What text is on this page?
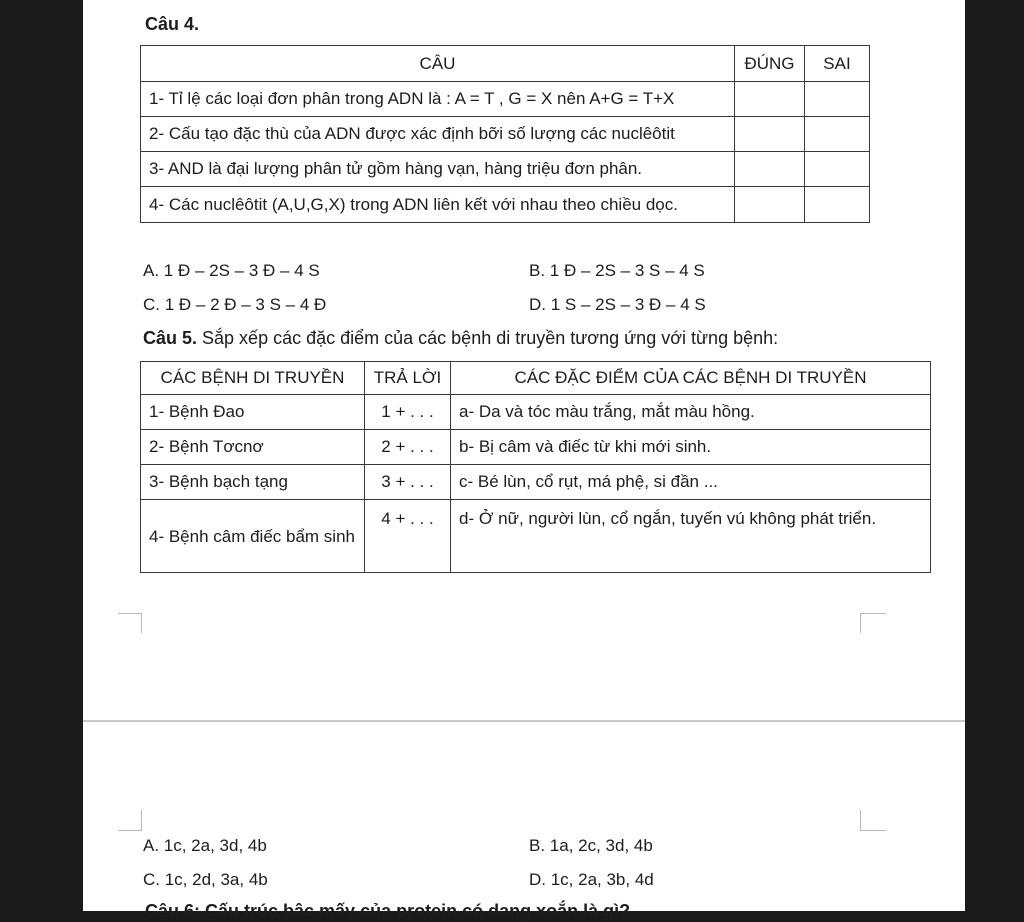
Câu 4.
CÂU	ĐÚNG	SAI
1- Tỉ lệ các loại đơn phân trong ADN là : A = T , G = X nên A+G = T+X		
2- Cấu tạo đặc thù của ADN được xác định bỡi số lượng các nuclêôtit		
3- AND là đại lượng phân tử gồm hàng vạn, hàng triệu đơn phân.		
4- Các nuclêôtit (A,U,G,X) trong ADN liên kết với nhau theo chiều dọc.		
A. 1 Đ – 2S – 3 Đ – 4 S	B. 1 Đ – 2S – 3 S – 4 S
C. 1 Đ – 2 Đ – 3 S – 4 Đ	D. 1 S – 2S – 3 Đ – 4 S
Câu 5. Sắp xếp các đặc điểm của các bệnh di truyền tương ứng với từng bệnh:
CÁC BỆNH DI TRUYỀN	TRẢ LỜI	CÁC ĐẶC ĐIỂM CỦA CÁC BỆNH DI TRUYỀN
1- Bệnh Đao	1 + . . .	a- Da và tóc màu trắng, mắt màu hồng.
2- Bệnh Tơcnơ	2 + . . .	b- Bị câm và điếc từ khi mới sinh.
3- Bệnh bạch tạng	3 + . . .	c- Bé lùn, cổ rụt, má phệ, si đần ...
4- Bệnh câm điếc bẩm sinh	4 + . . .	d- Ở nữ, người lùn, cổ ngắn, tuyến vú không phát triển.
A. 1c, 2a, 3d, 4b	B. 1a, 2c, 3d, 4b
C. 1c, 2d, 3a, 4b	D. 1c, 2a, 3b, 4d
Câu 6: Cấu trúc bậc mấy của protein có dạng xoắn là gì?
